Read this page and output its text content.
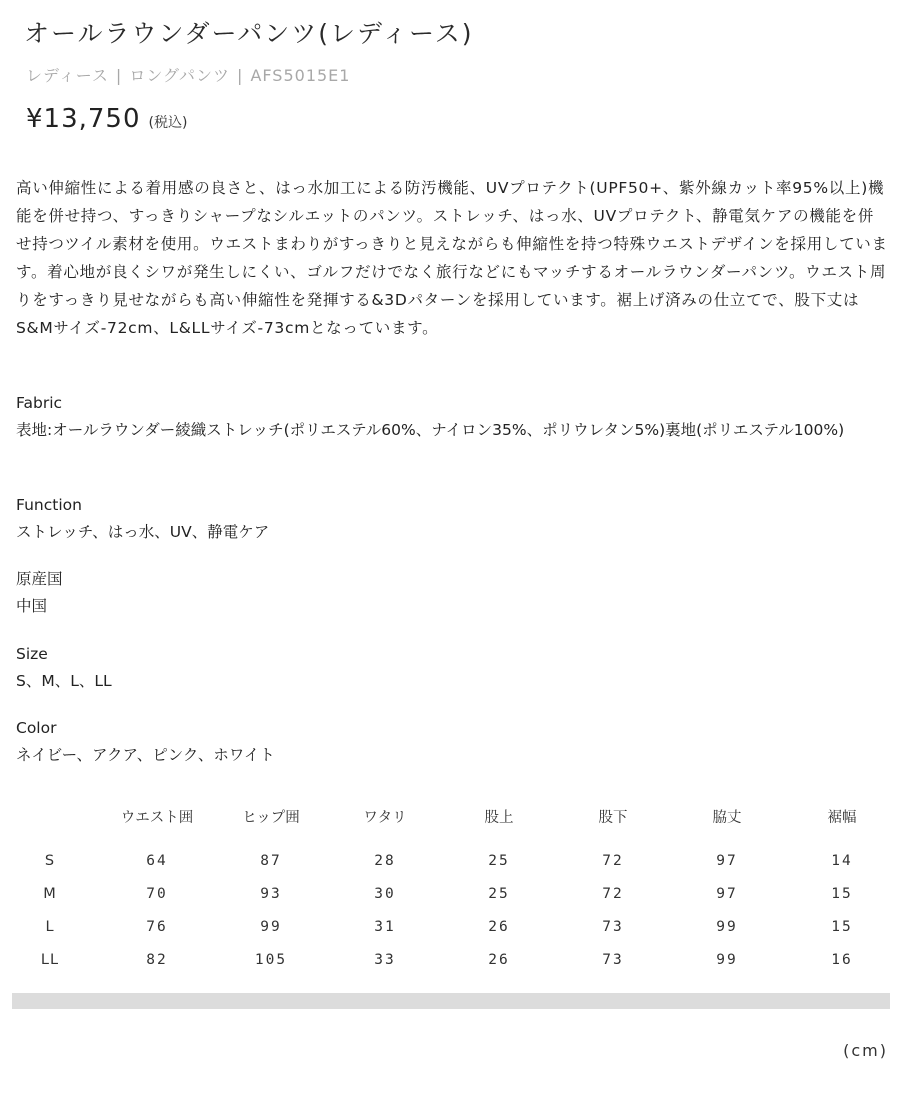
オールラウンダーパンツ(レディース)
レディース | ロングパンツ | AFS5015E1
¥13,750 (税込)

高い伸縮性による着用感の良さと、はっ水加工による防汚機能、UVプロテクト(UPF50+、紫外線カット率95%以上)機能を併せ持つ、すっきりシャープなシルエットのパンツ。ストレッチ、はっ水、UVプロテクト、静電気ケアの機能を併せ持つツイル素材を使用。ウエストまわりがすっきりと見えながらも伸縮性を持つ特殊ウエストデザインを採用しています。着心地が良くシワが発生しにくい、ゴルフだけでなく旅行などにもマッチするオールラウンダーパンツ。ウエスト周りをすっきり見せながらも高い伸縮性を発揮する&3Dパターンを採用しています。裾上げ済みの仕立てで、股下丈はS&Mサイズ-72cm、L&LLサイズ-73cmとなっています。

Fabric
表地:オールラウンダー綾織ストレッチ(ポリエステル60%、ナイロン35%、ポリウレタン5%)裏地(ポリエステル100%)
Function
ストレッチ、はっ水、UV、静電ケア
原産国
中国
Size
S、M、L、LL
Color
ネイビー、アクア、ピンク、ホワイト
	ウエスト囲	ヒップ囲	ワタリ	股上	股下	脇丈	裾幅
S	64	87	28	25	72	97	14
M	70	93	30	25	72	97	15
L	76	99	31	26	73	99	15
LL	82	105	33	26	73	99	16
(cm)
